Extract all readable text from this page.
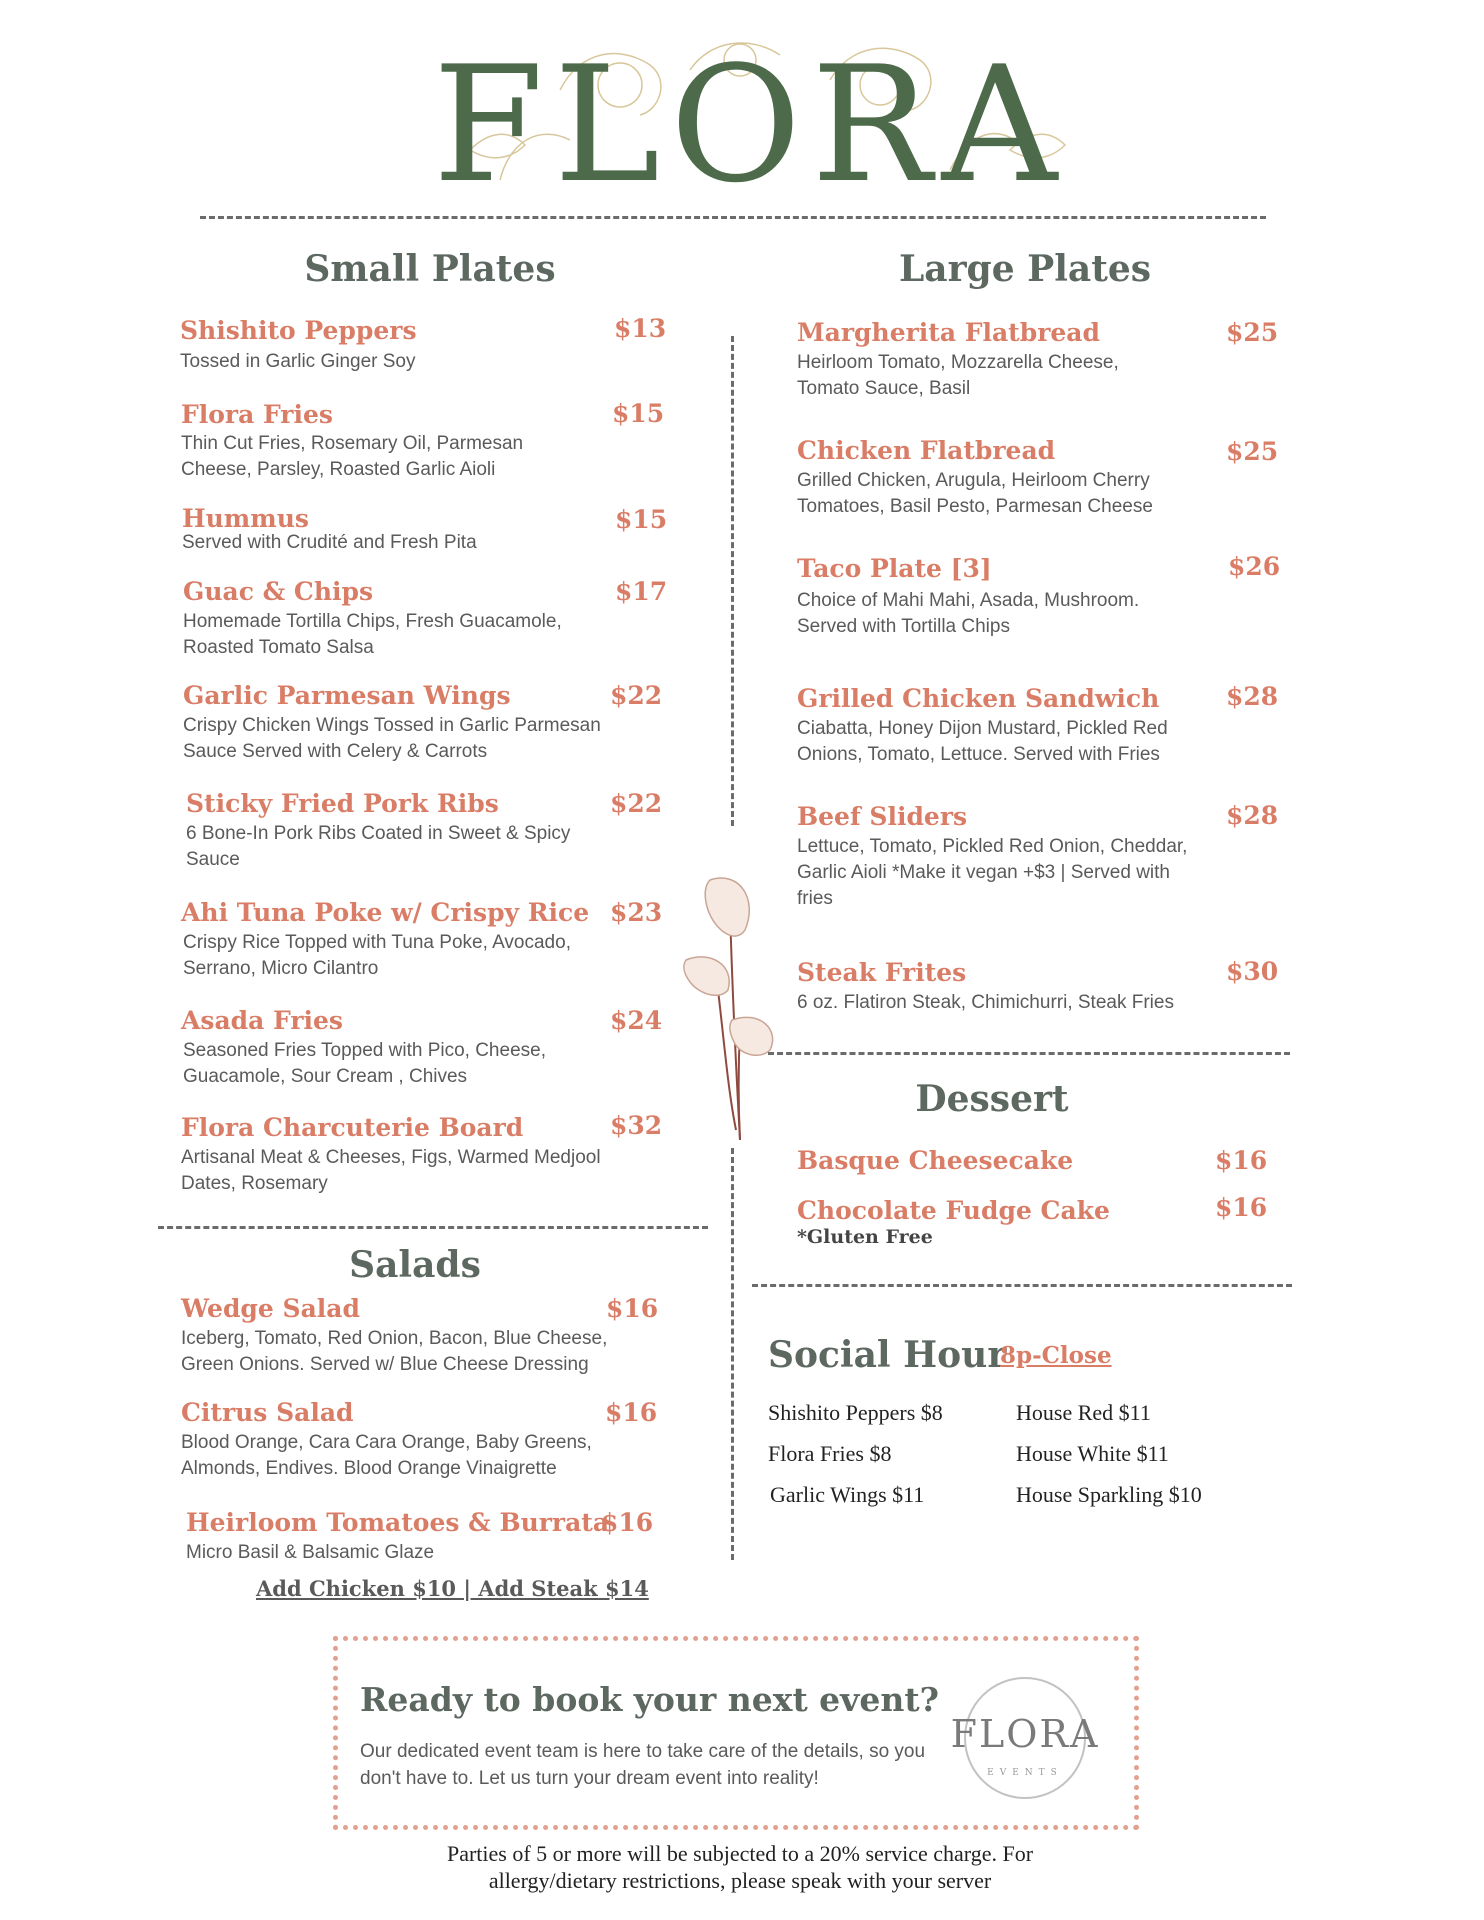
FLORA
Small Plates
Shishito Peppers	$13
Tossed in Garlic Ginger Soy
Flora Fries	$15
Thin Cut Fries, Rosemary Oil, Parmesan Cheese, Parsley, Roasted Garlic Aioli
Hummus	$15
Served with Crudité and Fresh Pita
Guac & Chips	$17
Homemade Tortilla Chips, Fresh Guacamole, Roasted Tomato Salsa
Garlic Parmesan Wings	$22
Crispy Chicken Wings Tossed in Garlic Parmesan Sauce Served with Celery & Carrots
Sticky Fried Pork Ribs	$22
6 Bone-In Pork Ribs Coated in Sweet & Spicy Sauce
Ahi Tuna Poke w/ Crispy Rice $23
Crispy Rice Topped with Tuna Poke, Avocado, Serrano, Micro Cilantro
Asada Fries	$24
Seasoned Fries Topped with Pico, Cheese, Guacamole, Sour Cream , Chives
Flora Charcuterie Board	$32
Artisanal Meat & Cheeses, Figs, Warmed Medjool Dates, Rosemary
Salads
Wedge Salad	$16
Iceberg, Tomato, Red Onion, Bacon, Blue Cheese, Green Onions. Served w/ Blue Cheese Dressing
Citrus Salad	$16
Blood Orange, Cara Cara Orange, Baby Greens, Almonds, Endives. Blood Orange Vinaigrette
Heirloom Tomatoes & Burrata
$16
Micro Basil & Balsamic Glaze
Add Chicken $10 | Add Steak $14
Large Plates
Margherita Flatbread	$25
Heirloom Tomato, Mozzarella Cheese, Tomato Sauce, Basil
Chicken Flatbread	$25
Grilled Chicken, Arugula, Heirloom Cherry Tomatoes, Basil Pesto, Parmesan Cheese
Taco Plate [3]	$26
Choice of Mahi Mahi, Asada, Mushroom. Served with Tortilla Chips
Grilled Chicken Sandwich	$28
Ciabatta, Honey Dijon Mustard, Pickled Red Onions, Tomato, Lettuce. Served with Fries
Beef Sliders	$28
Lettuce, Tomato, Pickled Red Onion, Cheddar, Garlic Aioli *Make it vegan +$3 | Served with fries
Steak Frites	$30
6 oz. Flatiron Steak, Chimichurri, Steak Fries
Dessert
Basque Cheesecake	$16
Chocolate Fudge Cake	$16
*Gluten Free
Social Hour
8p-Close
Shishito Peppers $8
Flora Fries $8
Garlic Wings $11
House Red $11
House White $11
House Sparkling $10
Ready to book your next event?
Our dedicated event team is here to take care of the details, so you don't have to. Let us turn your dream event into reality!
FLORA
EVENTS
Parties of 5 or more will be subjected to a 20% service charge. For
allergy/dietary restrictions, please speak with your server
